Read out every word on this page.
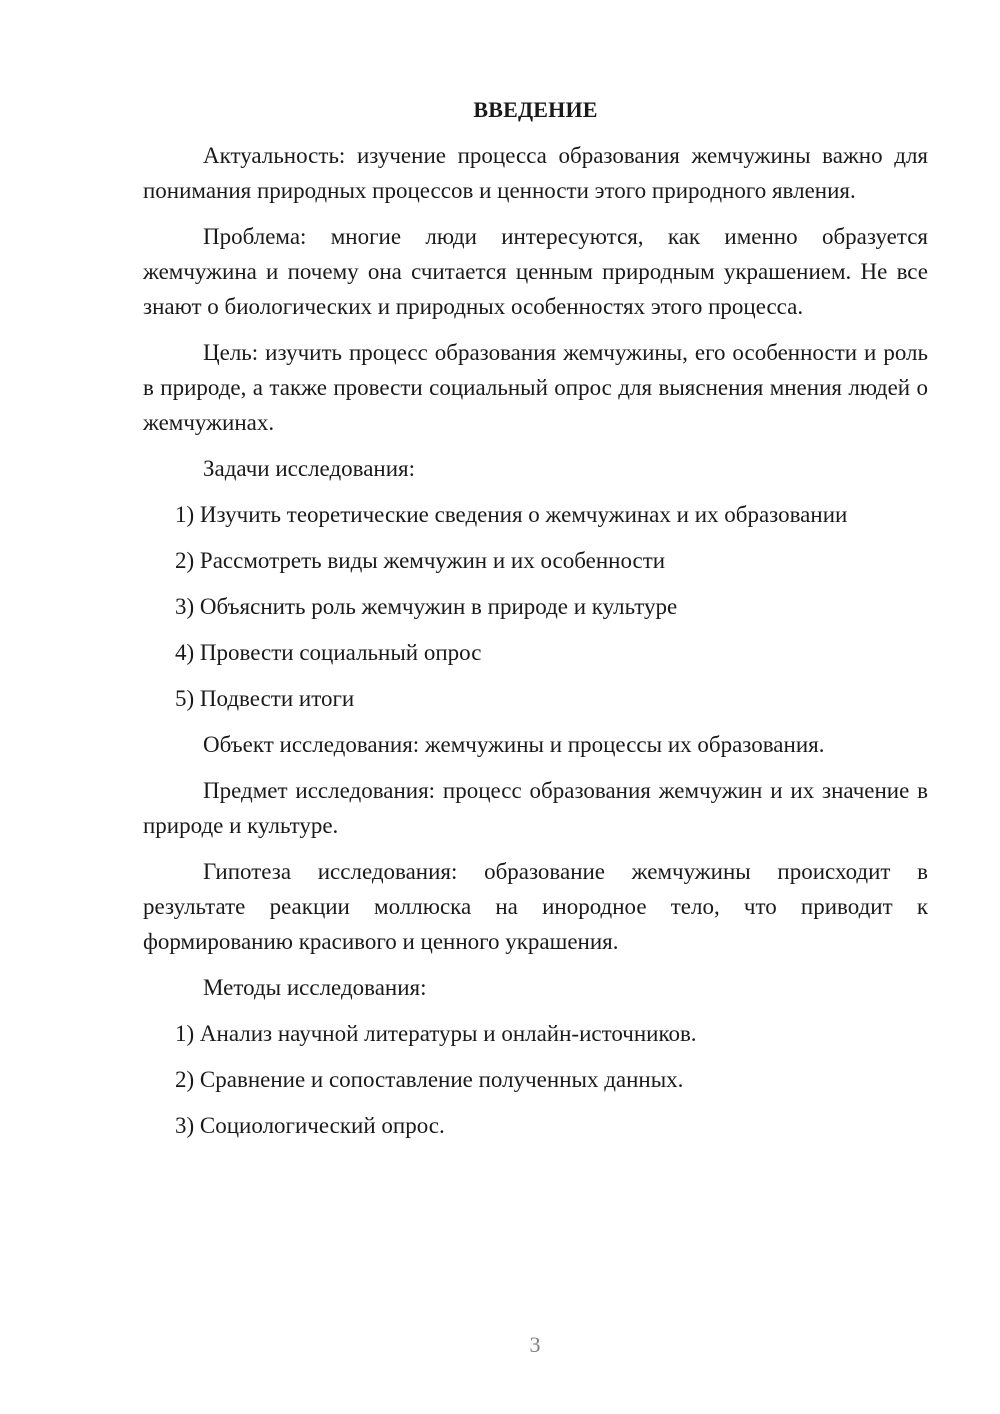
ВВЕДЕНИЕ

Актуальность: изучение процесса образования жемчужины важно для понимания природных процессов и ценности этого природного явления.

Проблема: многие люди интересуются, как именно образуется жемчужина и почему она считается ценным природным украшением. Не все знают о биологических и природных особенностях этого процесса.

Цель: изучить процесс образования жемчужины, его особенности и роль в природе, а также провести социальный опрос для выяснения мнения людей о жемчужинах.

Задачи исследования:

1) Изучить теоретические сведения о жемчужинах и их образовании

2) Рассмотреть виды жемчужин и их особенности

3) Объяснить роль жемчужин в природе и культуре

4) Провести социальный опрос

5) Подвести итоги

Объект исследования: жемчужины и процессы их образования.

Предмет исследования: процесс образования жемчужин и их значение в природе и культуре.

Гипотеза исследования: образование жемчужины происходит в результате реакции моллюска на инородное тело, что приводит к формированию красивого и ценного украшения.

Методы исследования:

1) Анализ научной литературы и онлайн-источников.

2) Сравнение и сопоставление полученных данных.

3) Социологический опрос.

3
